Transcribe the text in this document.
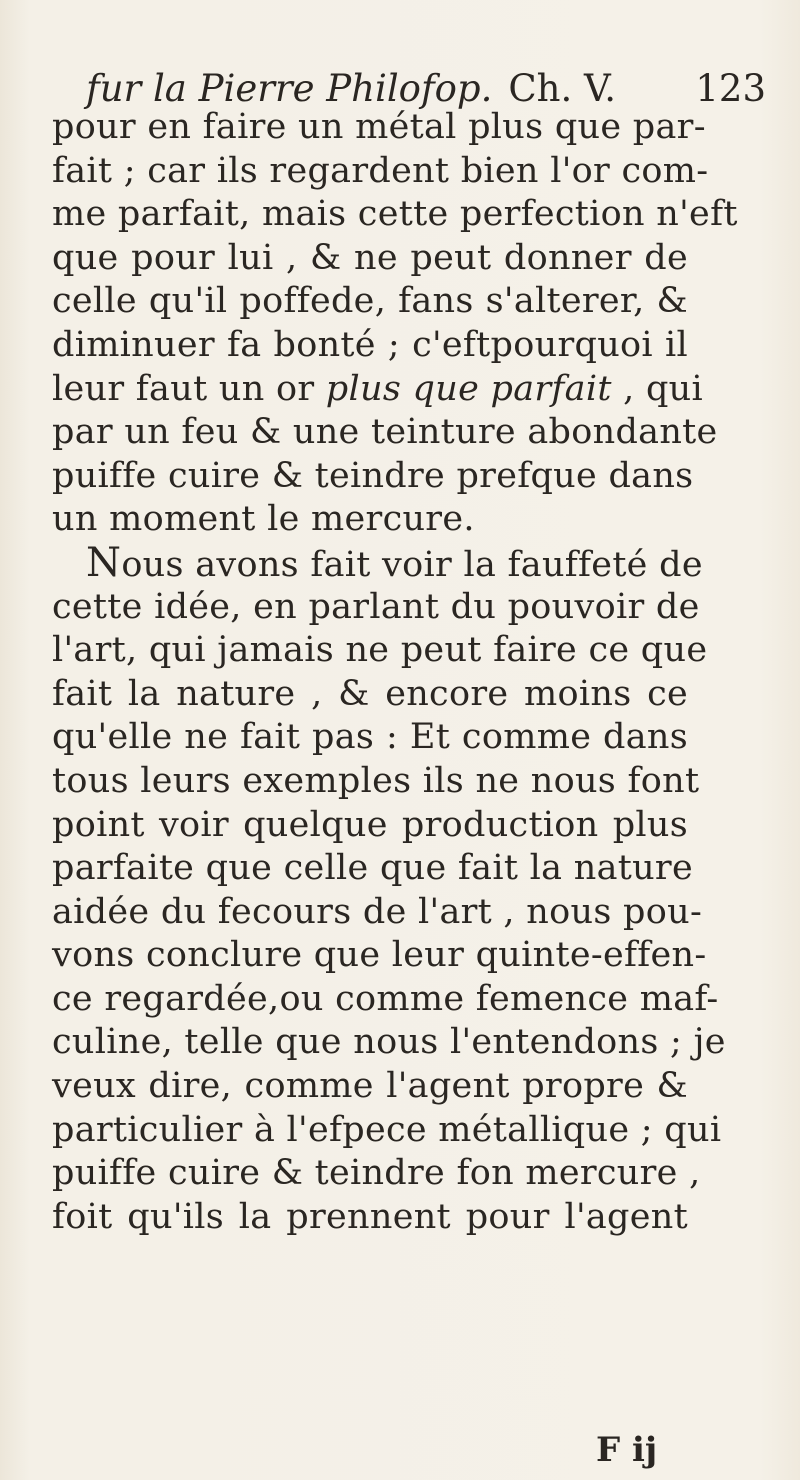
fur la Pierre Philofop. Ch. V. 123
pour en faire un métal plus que par-
fait ; car ils regardent bien l'or com-
me parfait, mais cette perfection n'eft
que pour lui , & ne peut donner de
celle qu'il poffede, fans s'alterer, &
diminuer fa bonté ; c'eftpourquoi il
leur faut un or plus que parfait , qui
par un feu & une teinture abondante
puiffe cuire & teindre prefque dans
un moment le mercure.
Nous avons fait voir la fauffeté de
cette idée, en parlant du pouvoir de
l'art, qui jamais ne peut faire ce que
fait la nature , & encore moins ce
qu'elle ne fait pas : Et comme dans
tous leurs exemples ils ne nous font
point voir quelque production plus
parfaite que celle que fait la nature
aidée du fecours de l'art , nous pou-
vons conclure que leur quinte-effen-
ce regardée,ou comme femence maf-
culine, telle que nous l'entendons ; je
veux dire, comme l'agent propre &
particulier à l'efpece métallique ; qui
puiffe cuire & teindre fon mercure ,
foit qu'ils la prennent pour l'agent
F ij
